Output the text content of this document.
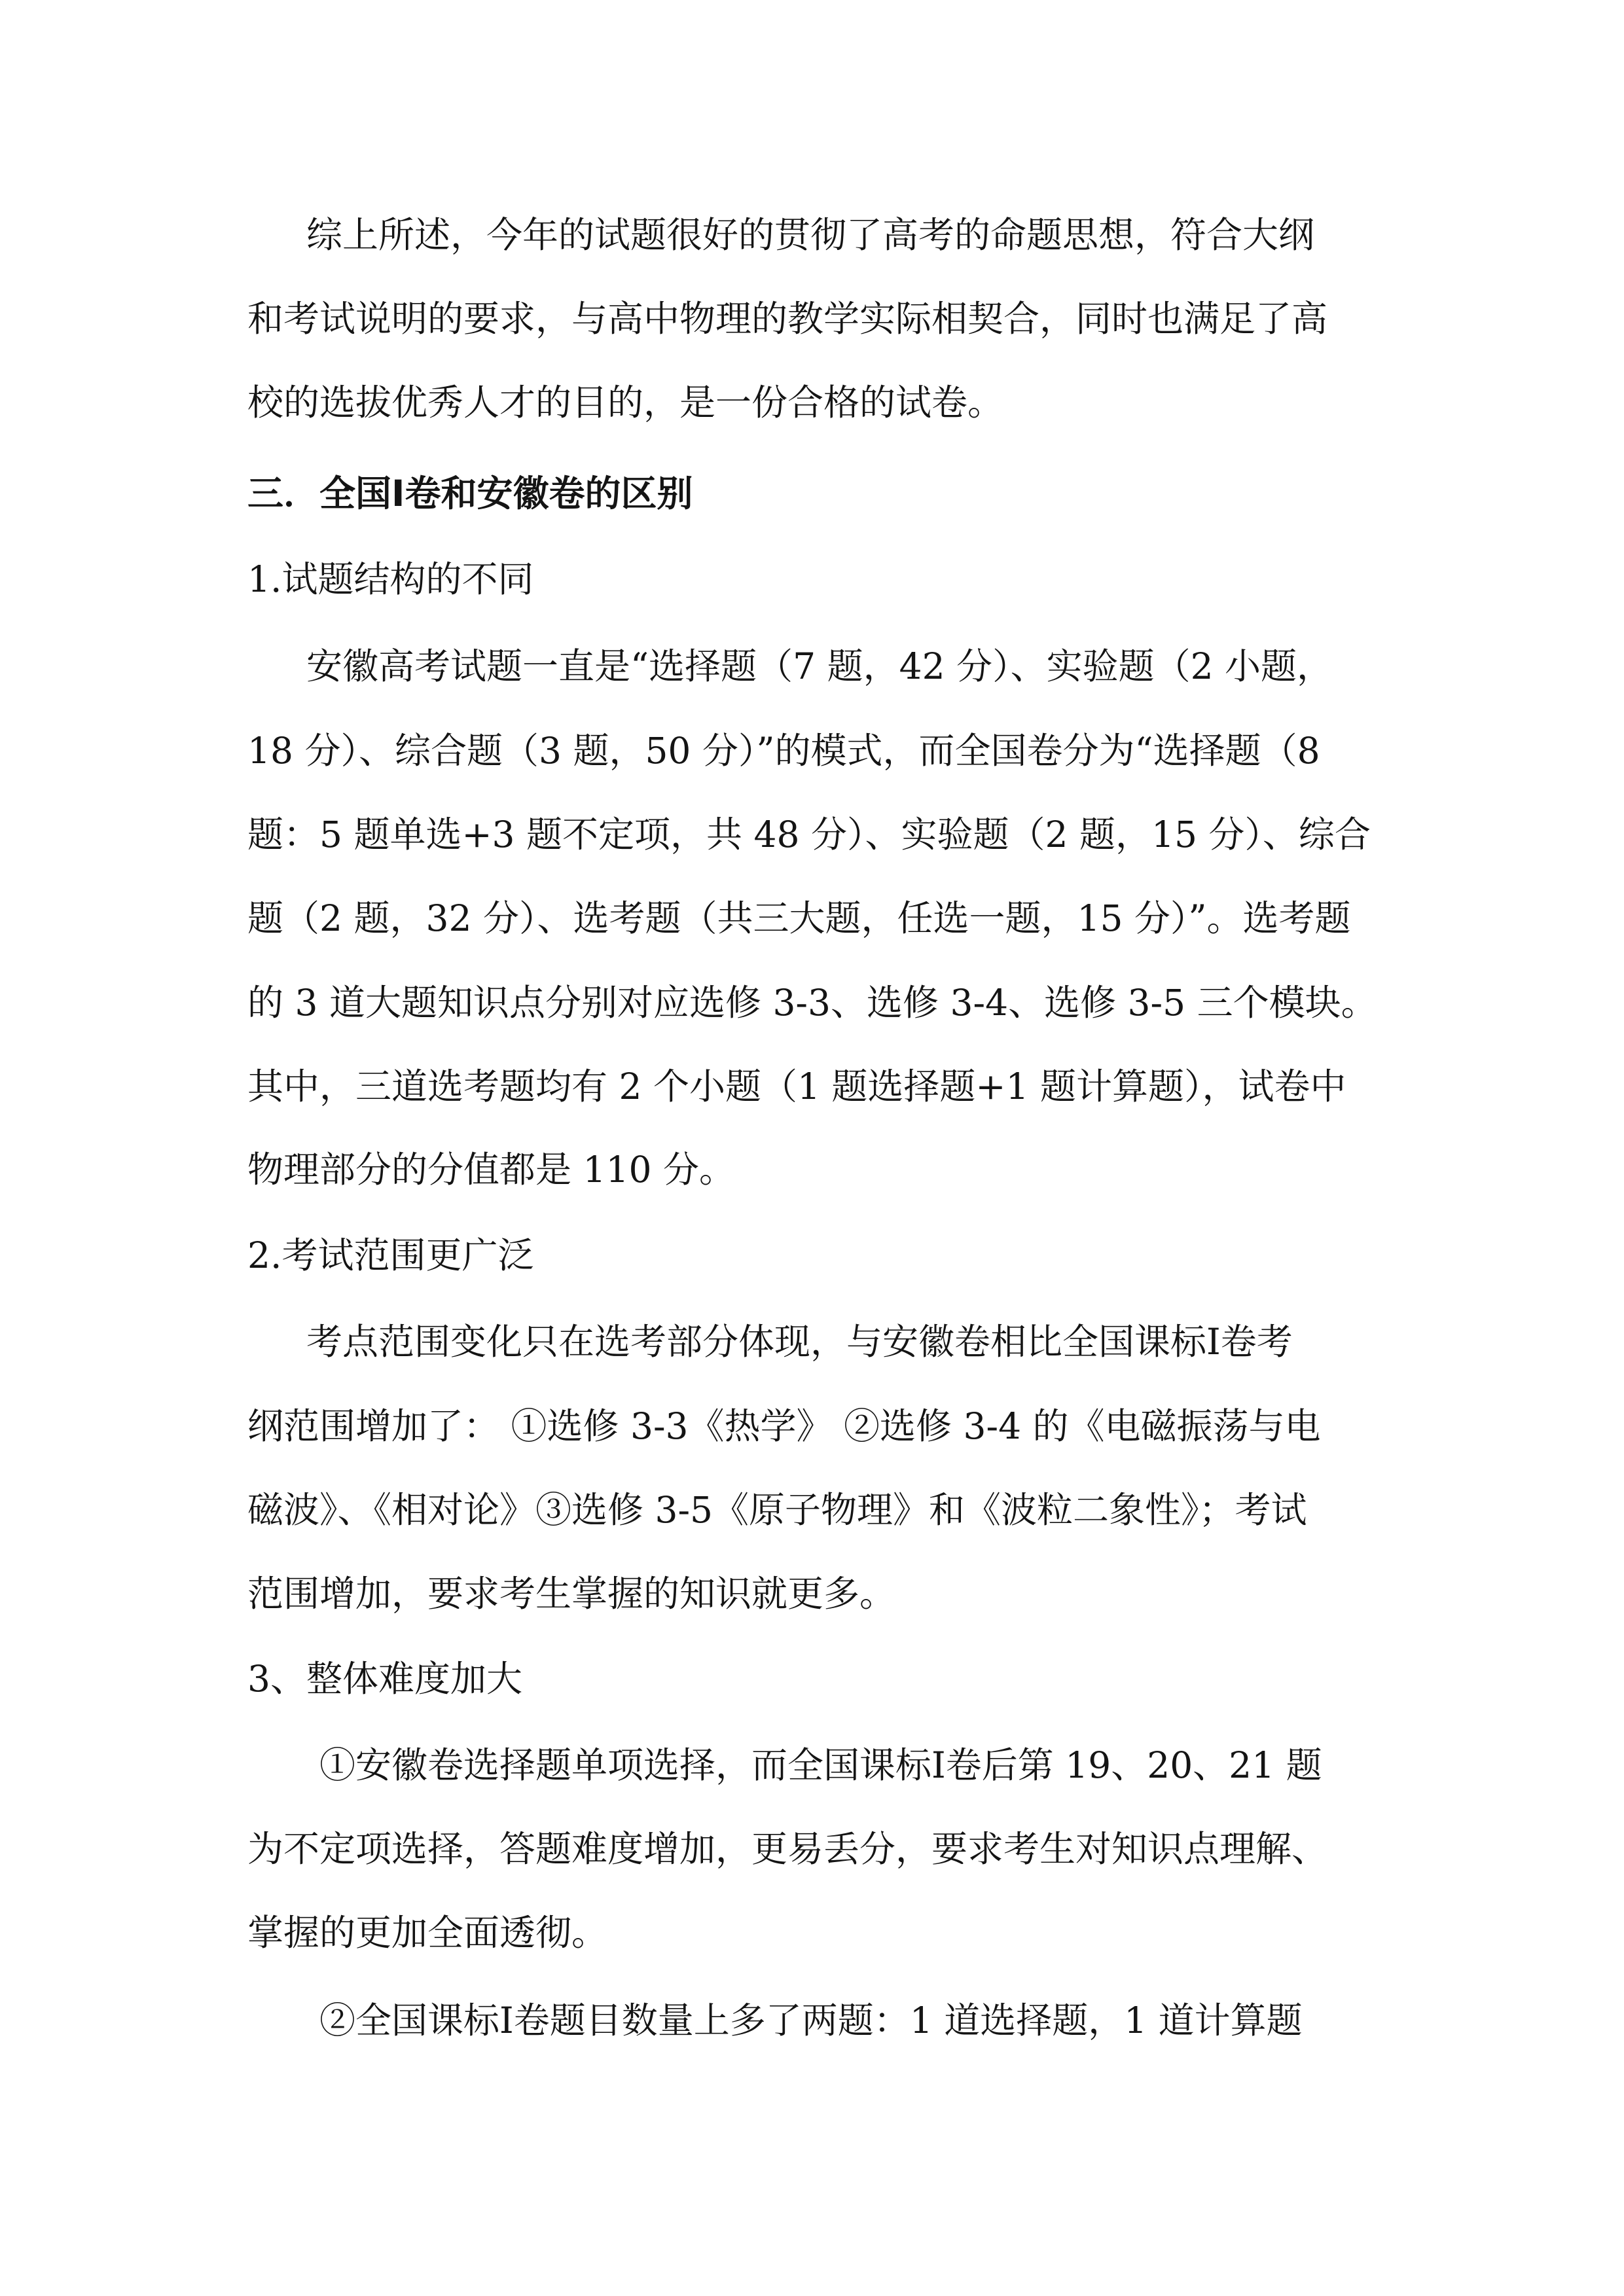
综上所述，今年的试题很好的贯彻了高考的命题思想，符合大纲
和考试说明的要求，与高中物理的教学实际相契合，同时也满足了高
校的选拔优秀人才的目的，是一份合格的试卷。
三．全国Ⅰ卷和安徽卷的区别
1.试题结构的不同
安徽高考试题一直是“选择题（7 题，42 分）、实验题（2 小题，
18 分）、综合题（3 题，50 分）”的模式，而全国卷分为“选择题（8
题：5 题单选+3 题不定项，共 48 分）、实验题（2 题，15 分）、综合
题（2 题，32 分）、选考题（共三大题，任选一题，15 分）”。选考题
的 3 道大题知识点分别对应选修 3-3、选修 3-4、选修 3-5 三个模块。
其中，三道选考题均有 2 个小题（1 题选择题+1 题计算题），试卷中
物理部分的分值都是 110 分。
2.考试范围更广泛
考点范围变化只在选考部分体现，与安徽卷相比全国课标Ⅰ卷考
纲范围增加了： ①选修 3-3《热学》 ②选修 3-4 的《电磁振荡与电
磁波》、《相对论》③选修 3-5《原子物理》和《波粒二象性》；考试
范围增加，要求考生掌握的知识就更多。
3、整体难度加大
①安徽卷选择题单项选择，而全国课标Ⅰ卷后第 19、20、21 题
为不定项选择，答题难度增加，更易丢分，要求考生对知识点理解、
掌握的更加全面透彻。
②全国课标Ⅰ卷题目数量上多了两题：1 道选择题，1 道计算题
